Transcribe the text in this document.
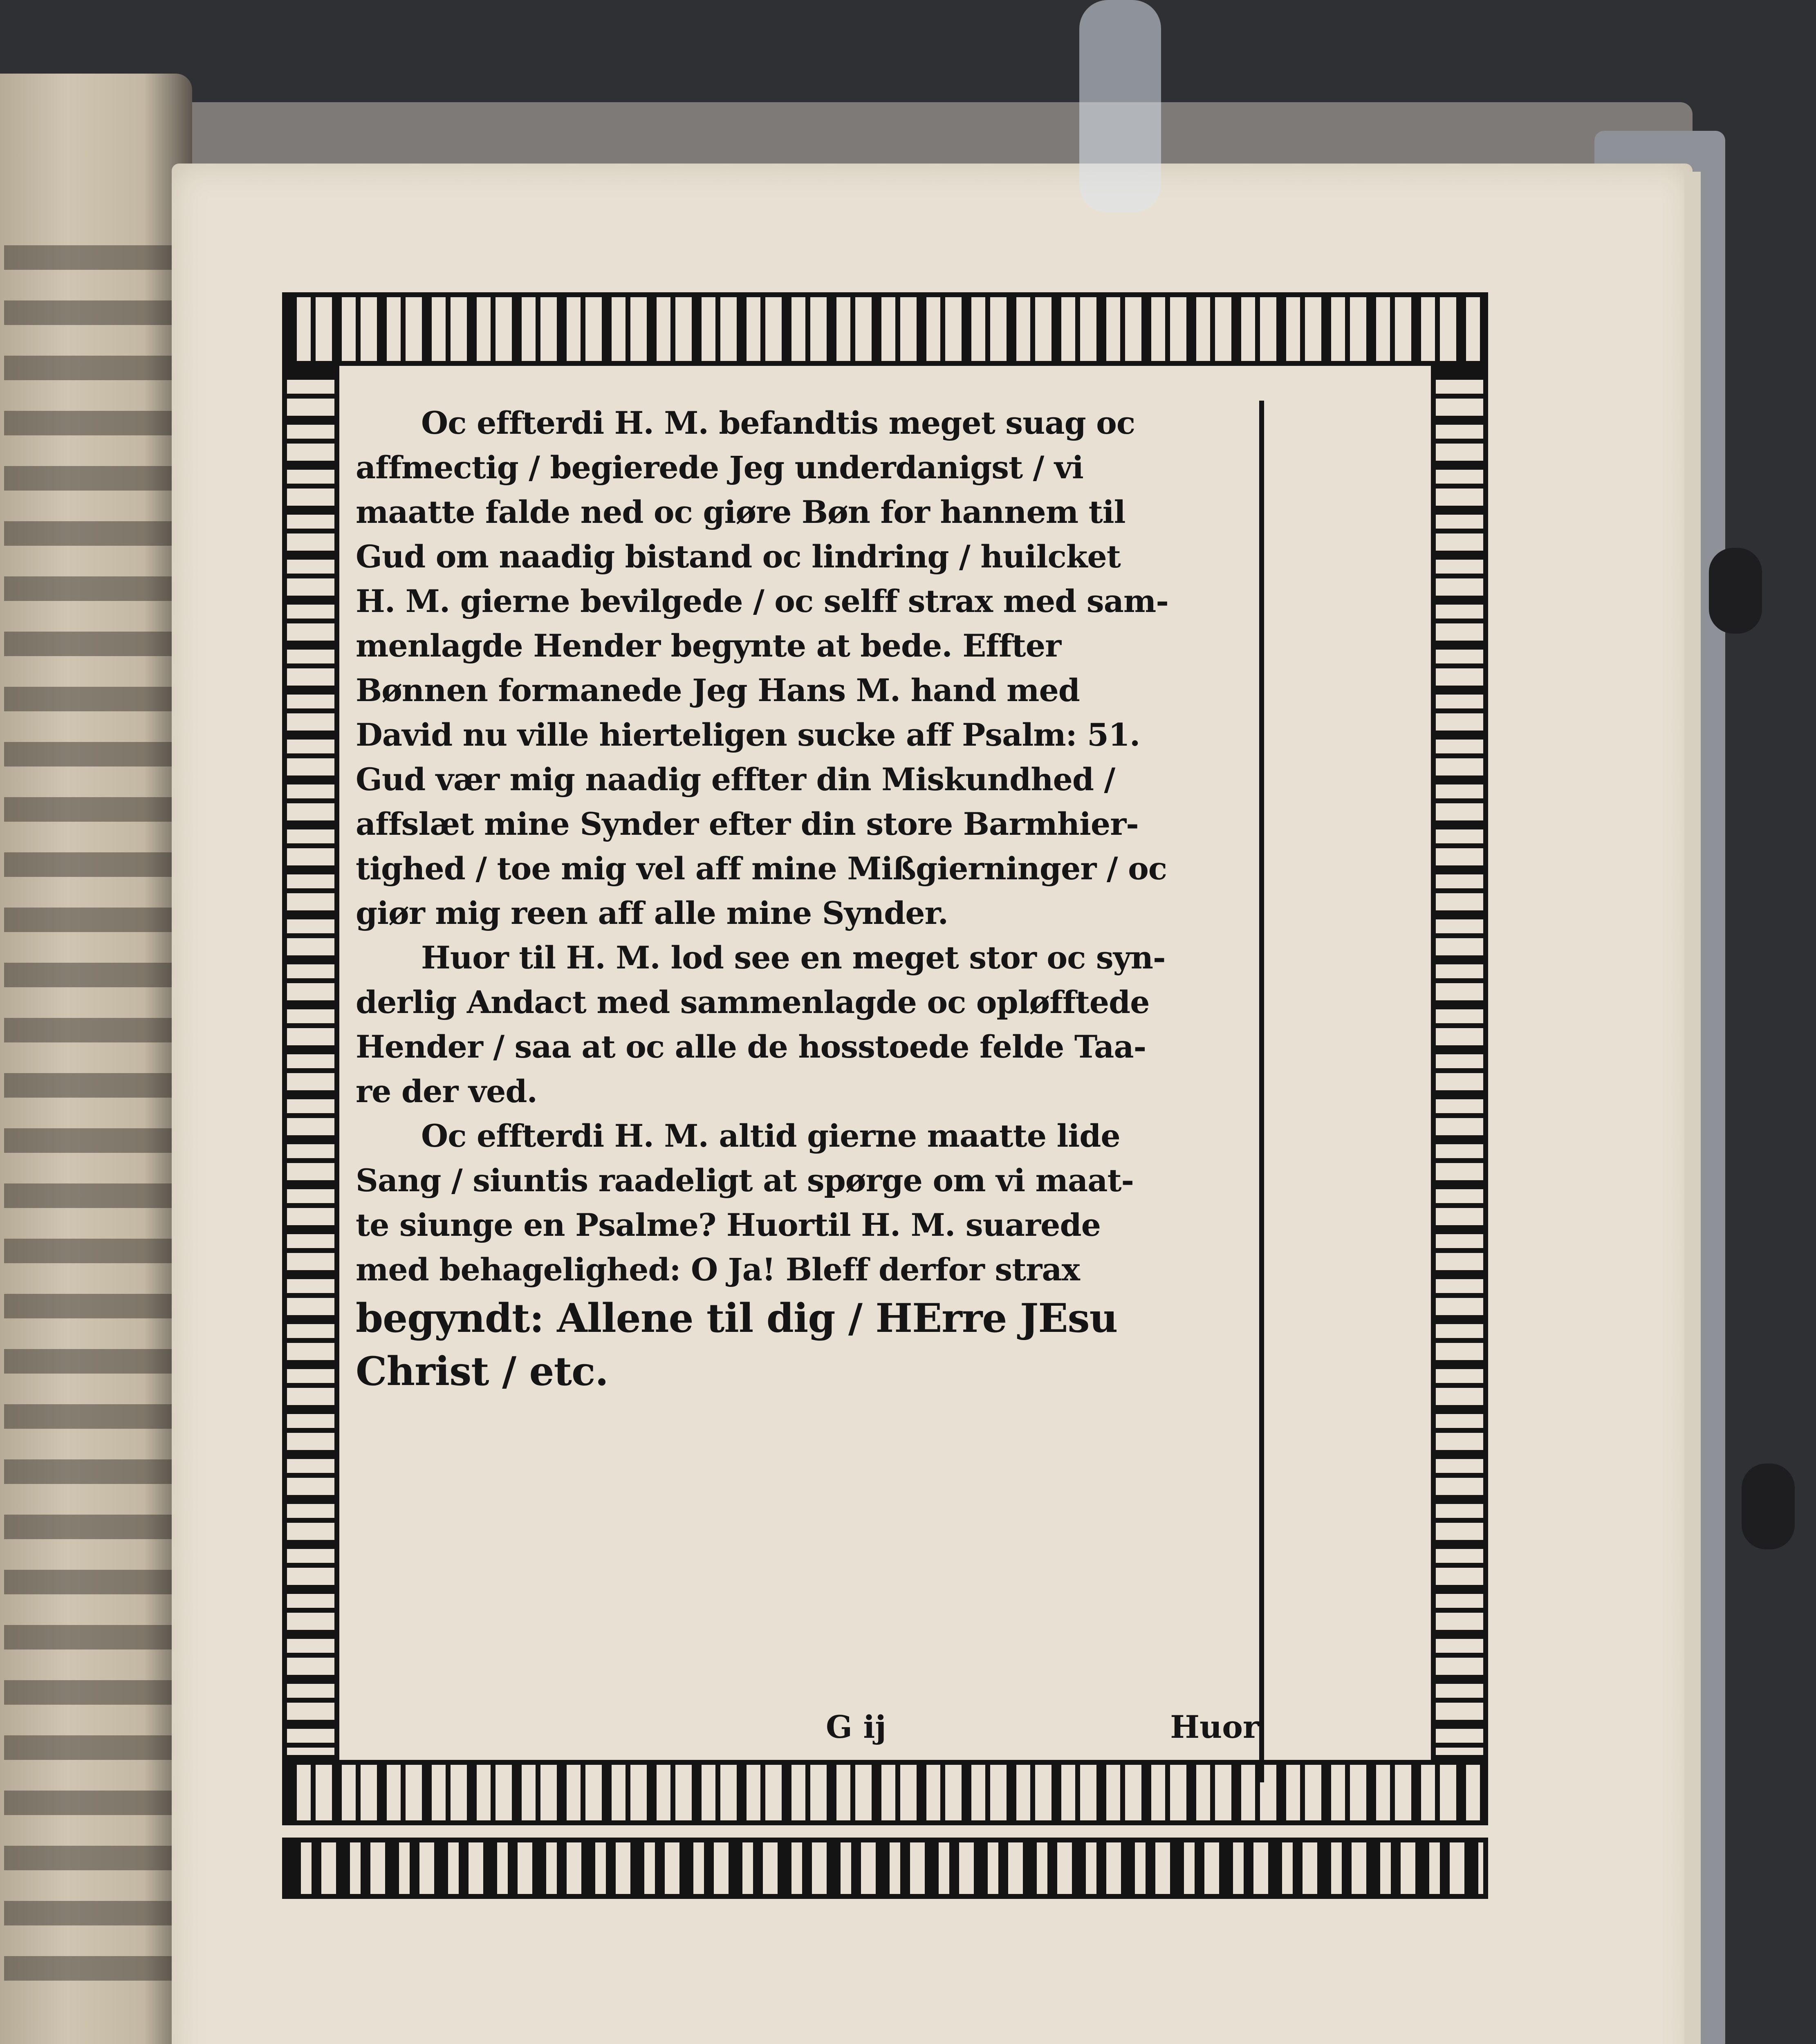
Oc effterdi H. M. befandtis meget suag oc
affmectig / begierede Jeg underdanigst / vi
maatte falde ned oc giøre Bøn for hannem til
Gud om naadig bistand oc lindring / huilcket
H. M. gierne bevilgede / oc selff strax med sam-
menlagde Hender begynte at bede. Effter
Bønnen formanede Jeg Hans M. hand med
David nu ville hierteligen sucke aff Psalm: 51.
Gud vær mig naadig effter din Miskundhed /
affslæt mine Synder efter din store Barmhier-
tighed / toe mig vel aff mine Mißgierninger / oc
giør mig reen aff alle mine Synder.

Huor til H. M. lod see en meget stor oc syn-
derlig Andact med sammenlagde oc opløfftede
Hender / saa at oc alle de hosstoede felde Taa-
re der ved.

Oc effterdi H. M. altid gierne maatte lide
Sang / siuntis raadeligt at spørge om vi maat-
te siunge en Psalme? Huortil H. M. suarede
med behagelighed: O Ja! Bleff derfor strax
begyndt: Allene til dig / HErre JEsu
Christ / etc.

G ij	Huor
